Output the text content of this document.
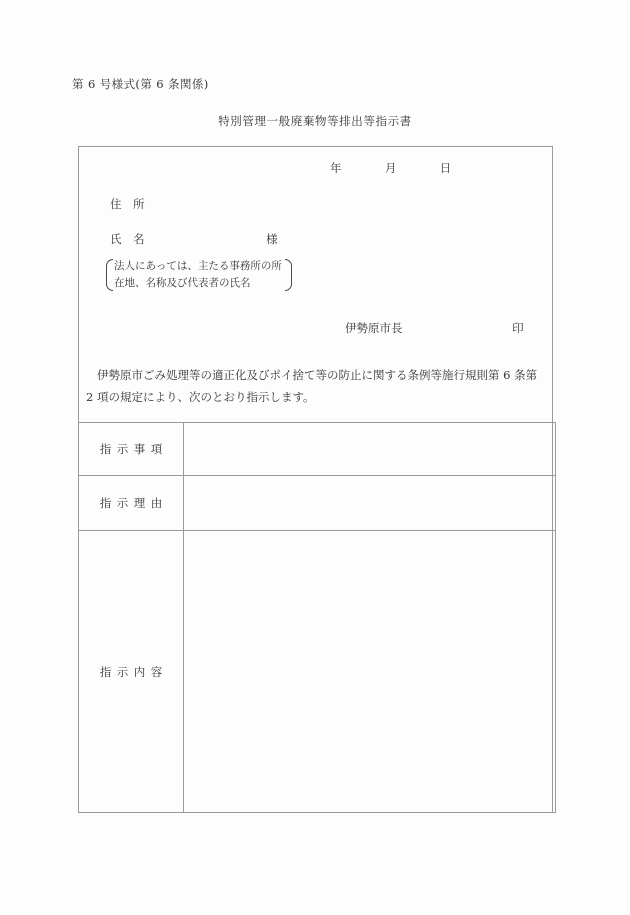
第 6 号様式(第 6 条関係)
特別管理一般廃棄物等排出等指示書
年	月	日
住　所
氏　名	様
法人にあっては、主たる事務所の所
在地、名称及び代表者の氏名
伊勢原市長	印
伊勢原市ごみ処理等の適正化及びポイ捨て等の防止に関する条例等施行規則第 6 条第
2 項の規定により、次のとおり指示します。
指示事項	
指示理由	
指示内容	
